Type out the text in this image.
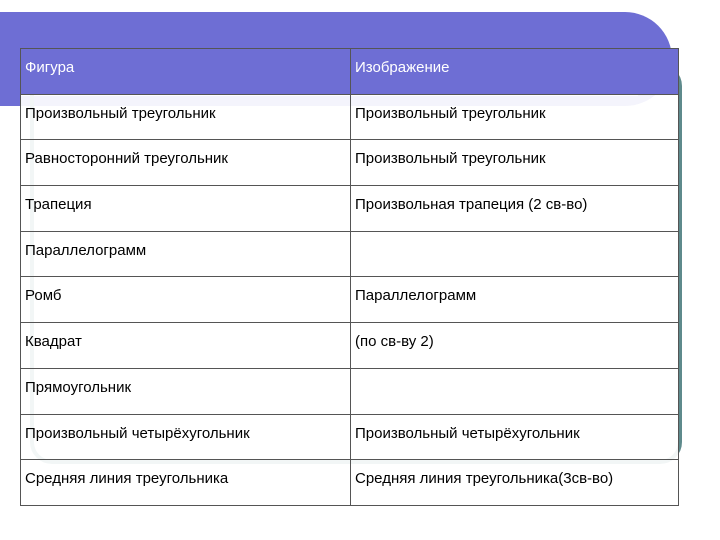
Фигура	Изображение
Произвольный треугольник	Произвольный треугольник
Равносторонний треугольник	Произвольный треугольник
Трапеция	Произвольная трапеция (2 св-во)
Параллелограмм	
Ромб	Параллелограмм
Квадрат	(по св-ву 2)
Прямоугольник	
Произвольный четырёхугольник	Произвольный четырёхугольник
Средняя линия треугольника	Средняя линия треугольника(3св-во)
